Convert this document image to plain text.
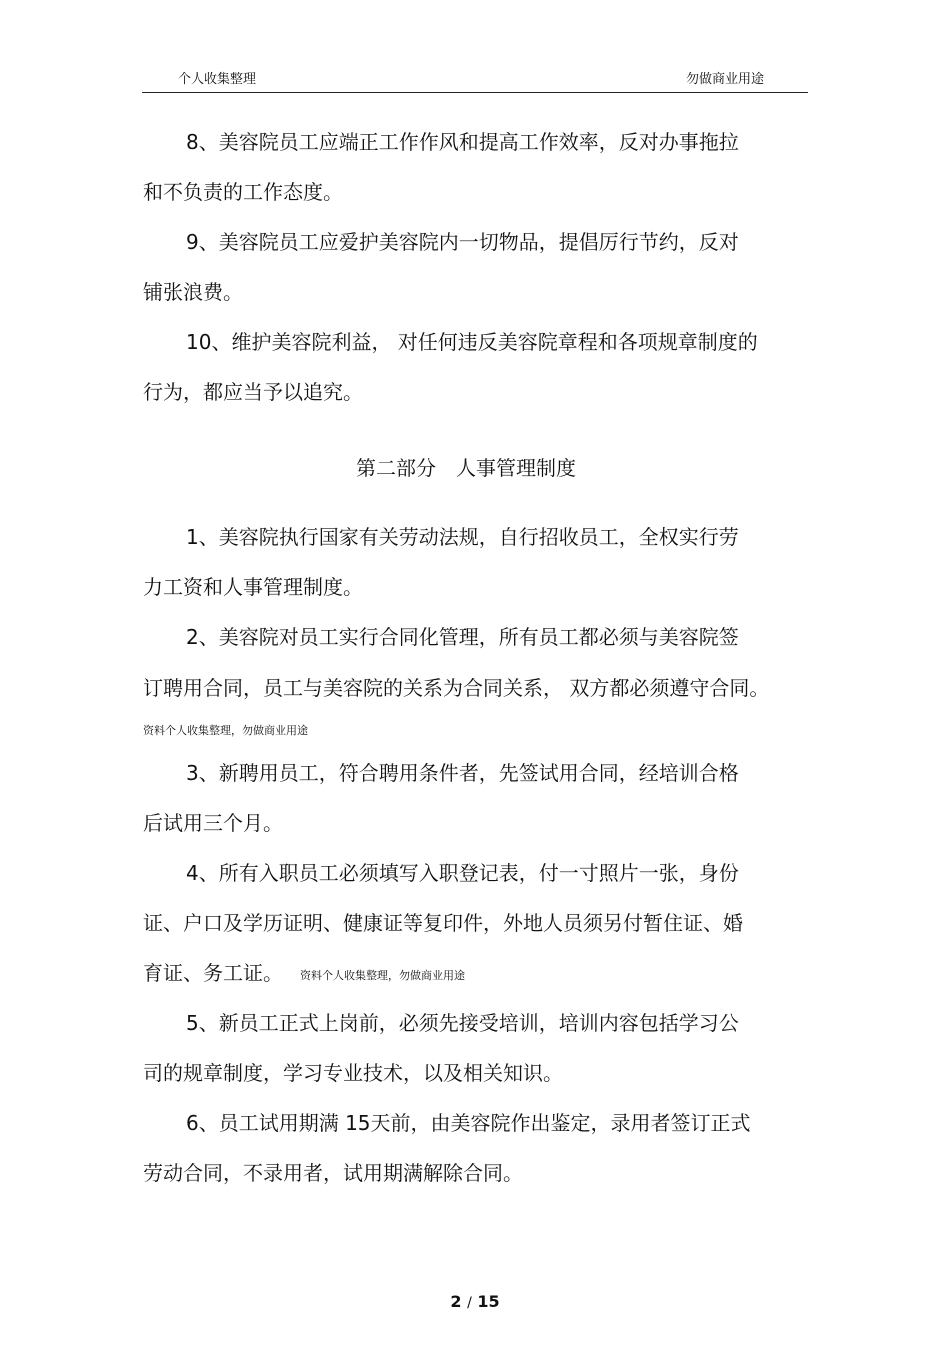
个人收集整理	勿做商业用途
8、美容院员工应端正工作作风和提高工作效率，反对办事拖拉
和不负责的工作态度。
9、美容院员工应爱护美容院内一切物品，提倡厉行节约，反对
铺张浪费。
10、维护美容院利益， 对任何违反美容院章程和各项规章制度的
行为，都应当予以追究。
第二部分　人事管理制度
1、美容院执行国家有关劳动法规，自行招收员工，全权实行劳
力工资和人事管理制度。
2、美容院对员工实行合同化管理，所有员工都必须与美容院签
订聘用合同，员工与美容院的关系为合同关系， 双方都必须遵守合同。
资料个人收集整理，勿做商业用途
3、新聘用员工，符合聘用条件者，先签试用合同，经培训合格
后试用三个月。
4、所有入职员工必须填写入职登记表，付一寸照片一张，身份
证、户口及学历证明、健康证等复印件，外地人员须另付暂住证、婚
育证、务工证。 资料个人收集整理，勿做商业用途
5、新员工正式上岗前，必须先接受培训，培训内容包括学习公
司的规章制度，学习专业技术，以及相关知识。
6、员工试用期满 15天前，由美容院作出鉴定，录用者签订正式
劳动合同，不录用者，试用期满解除合同。
2 / 15
